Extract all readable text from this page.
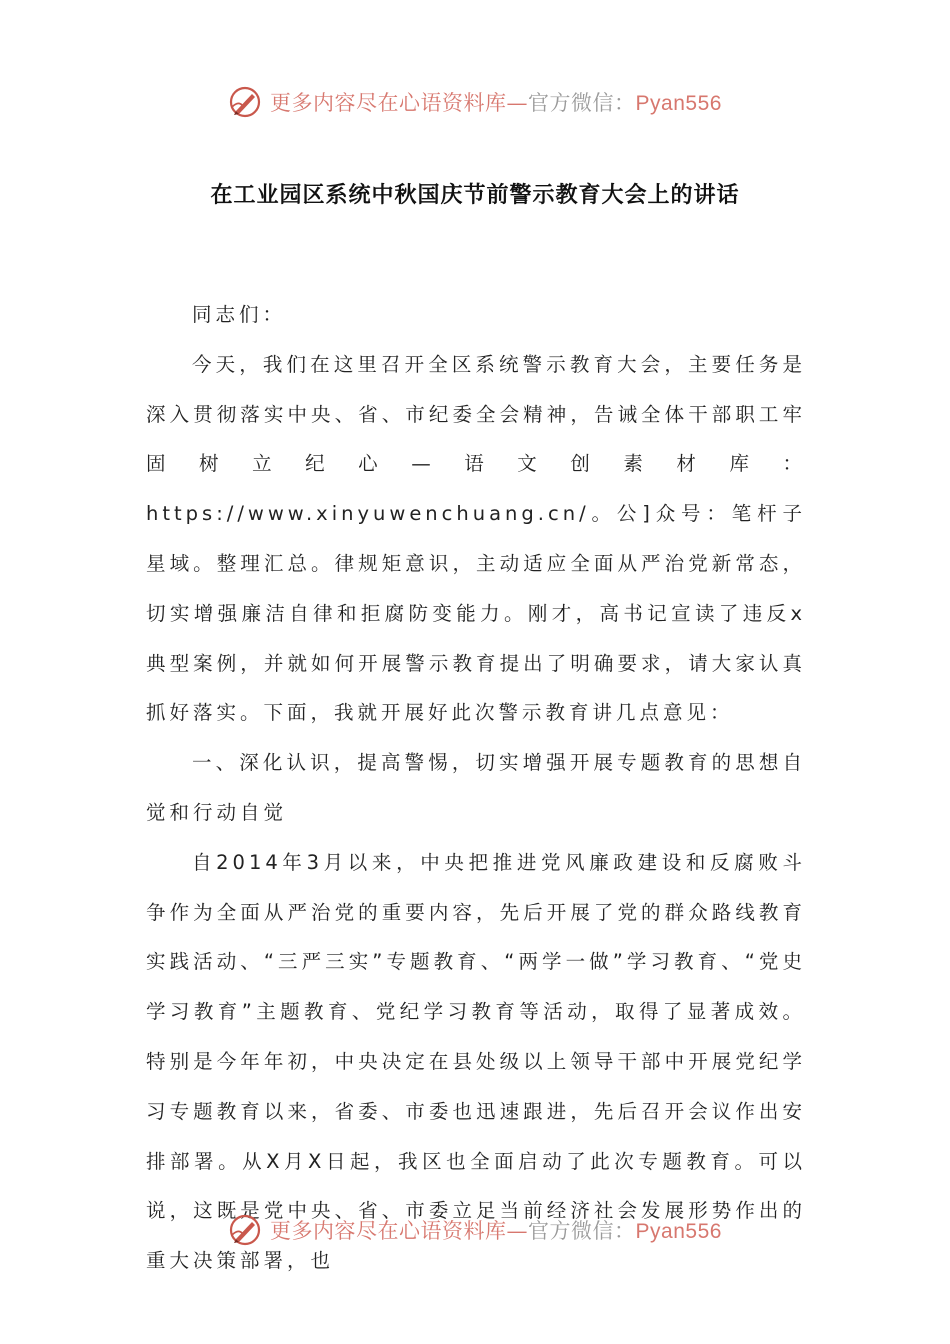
更多内容尽在心语资料库—官方微信：Pyan556
在工业园区系统中秋国庆节前警示教育大会上的讲话

同志们：

今天，我们在这里召开全区系统警示教育大会，主要任务是深入贯彻落实中央、省、市纪委全会精神，告诫全体干部职工牢固树立纪心—语文创素材库：https://www.xinyuwenchuang.cn/。公]众号：笔杆子星域。整理汇总。律规矩意识，主动适应全面从严治党新常态，切实增强廉洁自律和拒腐防变能力。刚才，高书记宣读了违反x典型案例，并就如何开展警示教育提出了明确要求，请大家认真抓好落实。下面，我就开展好此次警示教育讲几点意见：

一、深化认识，提高警惕，切实增强开展专题教育的思想自觉和行动自觉

自2014年3月以来，中央把推进党风廉政建设和反腐败斗争作为全面从严治党的重要内容，先后开展了党的群众路线教育实践活动、“三严三实”专题教育、“两学一做”学习教育、“党史学习教育”主题教育、党纪学习教育等活动，取得了显著成效。特别是今年年初，中央决定在县处级以上领导干部中开展党纪学习专题教育以来，省委、市委也迅速跟进，先后召开会议作出安排部署。从X月X日起，我区也全面启动了此次专题教育。可以说，这既是党中央、省、市委立足当前经济社会发展形势作出的重大决策部署，也

更多内容尽在心语资料库—官方微信：Pyan556
